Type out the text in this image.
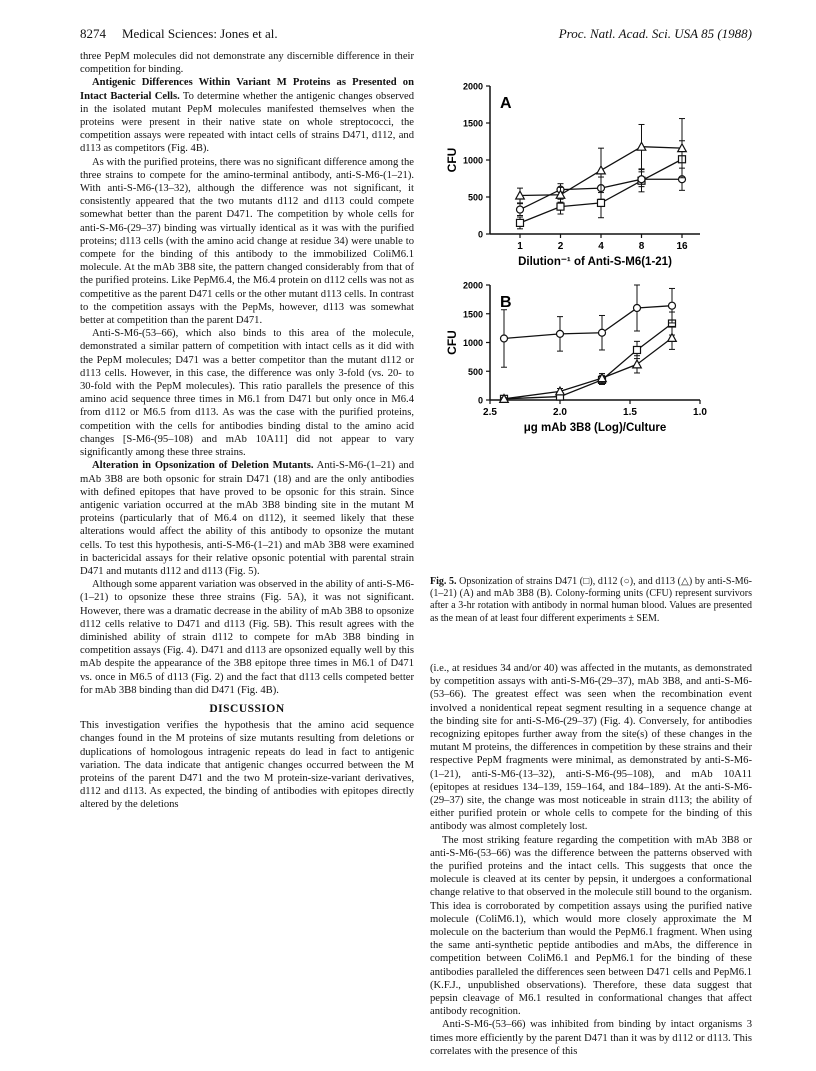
8274 Medical Sciences: Jones et al.	Proc. Natl. Acad. Sci. USA 85 (1988)

three PepM molecules did not demonstrate any discernible difference in their competition for binding.

Antigenic Differences Within Variant M Proteins as Presented on Intact Bacterial Cells. To determine whether the antigenic changes observed in the isolated mutant PepM molecules manifested themselves when the proteins were present in their native state on whole streptococci, the competition assays were repeated with intact cells of strains D471, d112, and d113 as competitors (Fig. 4B).

As with the purified proteins, there was no significant difference among the three strains to compete for the amino-terminal antibody, anti-S-M6-(1–21). With anti-S-M6-(13–32), although the difference was not significant, it consistently appeared that the two mutants d112 and d113 could compete somewhat better than the parent D471. The competition by whole cells for anti-S-M6-(29–37) binding was virtually identical as it was with the purified proteins; d113 cells (with the amino acid change at residue 34) were unable to compete for the binding of this antibody to the immobilized ColiM6.1 molecule. At the mAb 3B8 site, the pattern changed considerably from that of the purified proteins. Like PepM6.4, the M6.4 protein on d112 cells was not as competitive as the parent D471 cells or the other mutant d113 cells. In contrast to the competition assays with the PepMs, however, d113 was somewhat better at competition than the parent D471.

Anti-S-M6-(53–66), which also binds to this area of the molecule, demonstrated a similar pattern of competition with intact cells as it did with the PepM molecules; D471 was a better competitor than the mutant d112 or d113 cells. However, in this case, the difference was only 3-fold (vs. 20- to 30-fold with the PepM molecules). This ratio parallels the presence of this amino acid sequence three times in M6.1 from D471 but only once in M6.4 from d112 or M6.5 from d113. As was the case with the purified proteins, competition with the cells for antibodies binding distal to the amino acid changes [S-M6-(95–108) and mAb 10A11] did not appear to vary significantly among these three strains.

Alteration in Opsonization of Deletion Mutants. Anti-S-M6-(1–21) and mAb 3B8 are both opsonic for strain D471 (18) and are the only antibodies with defined epitopes that have proved to be opsonic for this strain. Since antigenic variation occurred at the mAb 3B8 binding site in the mutant M proteins (particularly that of M6.4 on d112), it seemed likely that these alterations would affect the ability of this antibody to opsonize the mutant cells. To test this hypothesis, anti-S-M6-(1–21) and mAb 3B8 were examined in bactericidal assays for their relative opsonic potential with parental strain D471 and mutants d112 and d113 (Fig. 5).

Although some apparent variation was observed in the ability of anti-S-M6-(1–21) to opsonize these three strains (Fig. 5A), it was not significant. However, there was a dramatic decrease in the ability of mAb 3B8 to opsonize d112 cells relative to D471 and d113 (Fig. 5B). This result agrees with the diminished ability of strain d112 to compete for mAb 3B8 binding in competition assays (Fig. 4). D471 and d113 are opsonized equally well by this mAb despite the appearance of the 3B8 epitope three times in M6.1 of D471 vs. once in M6.5 of d113 (Fig. 2) and the fact that d113 cells competed better for mAb 3B8 binding than did D471 (Fig. 4B).

DISCUSSION

This investigation verifies the hypothesis that the amino acid sequence changes found in the M proteins of size mutants resulting from deletions or duplications of homologous intragenic repeats do lead in fact to antigenic variation. The data indicate that antigenic changes occurred between the M proteins of the parent D471 and the two M protein-size-variant derivatives, d112 and d113. As expected, the binding of antibodies with epitopes directly altered by the deletions

0
500
1000
1500
2000
1	2	4	8	16
Dilution⁻¹ of Anti-S-M6(1-21)
CFU
A
0
500
1000
1500
2000
2.5	2.0	1.5	1.0
μg mAb 3B8 (Log)/Culture
CFU
B
Fig. 5. Opsonization of strains D471 (□), d112 (○), and d113 (△) by anti-S-M6-(1–21) (A) and mAb 3B8 (B). Colony-forming units (CFU) represent survivors after a 3-hr rotation with antibody in normal human blood. Values are presented as the mean of at least four different experiments ± SEM.

(i.e., at residues 34 and/or 40) was affected in the mutants, as demonstrated by competition assays with anti-S-M6-(29–37), mAb 3B8, and anti-S-M6-(53–66). The greatest effect was seen when the recombination event involved a nonidentical repeat segment resulting in a sequence change at the binding site for anti-S-M6-(29–37) (Fig. 4). Conversely, for antibodies recognizing epitopes further away from the site(s) of these changes in the mutant M proteins, the differences in competition by these strains and their respective PepM fragments were minimal, as demonstrated by anti-S-M6-(1–21), anti-S-M6-(13–32), anti-S-M6-(95–108), and mAb 10A11 (epitopes at residues 134–139, 159–164, and 184–189). At the anti-S-M6-(29–37) site, the change was most noticeable in strain d113; the ability of either purified protein or whole cells to compete for the binding of this antibody was almost completely lost.

The most striking feature regarding the competition with mAb 3B8 or anti-S-M6-(53–66) was the difference between the patterns observed with the purified proteins and the intact cells. This suggests that once the molecule is cleaved at its center by pepsin, it undergoes a conformational change relative to that observed in the molecule still bound to the organism. This idea is corroborated by competition assays using the purified native molecule (ColiM6.1), which would more closely approximate the M molecule on the bacterium than would the PepM6.1 fragment. When using the same anti-synthetic peptide antibodies and mAbs, the difference in competition between ColiM6.1 and PepM6.1 for the binding of these antibodies paralleled the differences seen between D471 cells and PepM6.1 (K.F.J., unpublished observations). Therefore, these data suggest that pepsin cleavage of M6.1 resulted in conformational changes that affect antibody recognition.

Anti-S-M6-(53–66) was inhibited from binding by intact organisms 3 times more efficiently by the parent D471 than it was by d112 or d113. This correlates with the presence of this
